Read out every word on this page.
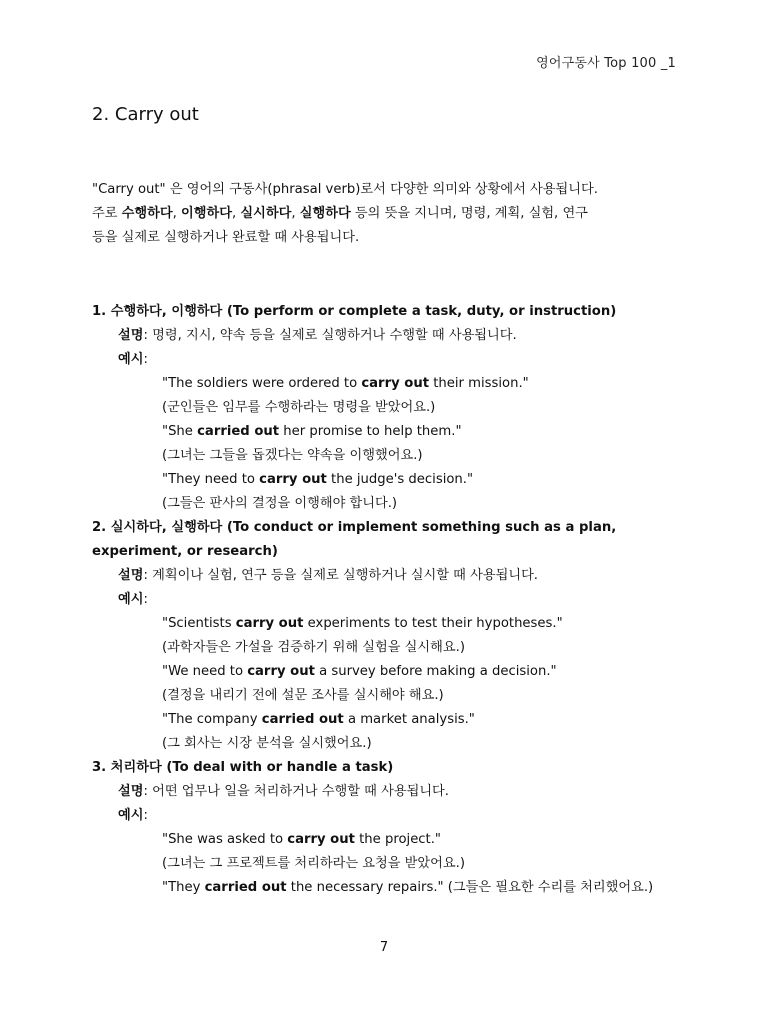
영어구동사 Top 100 _1
2. Carry out
"Carry out" 은 영어의 구동사(phrasal verb)로서 다양한 의미와 상황에서 사용됩니다.
주로 수행하다, 이행하다, 실시하다, 실행하다 등의 뜻을 지니며, 명령, 계획, 실험, 연구
등을 실제로 실행하거나 완료할 때 사용됩니다.
1. 수행하다, 이행하다 (To perform or complete a task, duty, or instruction)
설명: 명령, 지시, 약속 등을 실제로 실행하거나 수행할 때 사용됩니다.
예시:
"The soldiers were ordered to carry out their mission."
(군인들은 임무를 수행하라는 명령을 받았어요.)
"She carried out her promise to help them."
(그녀는 그들을 돕겠다는 약속을 이행했어요.)
"They need to carry out the judge's decision."
(그들은 판사의 결정을 이행해야 합니다.)
2. 실시하다, 실행하다 (To conduct or implement something such as a plan,
experiment, or research)
설명: 계획이나 실험, 연구 등을 실제로 실행하거나 실시할 때 사용됩니다.
예시:
"Scientists carry out experiments to test their hypotheses."
(과학자들은 가설을 검증하기 위해 실험을 실시해요.)
"We need to carry out a survey before making a decision."
(결정을 내리기 전에 설문 조사를 실시해야 해요.)
"The company carried out a market analysis."
(그 회사는 시장 분석을 실시했어요.)
3. 처리하다 (To deal with or handle a task)
설명: 어떤 업무나 일을 처리하거나 수행할 때 사용됩니다.
예시:
"She was asked to carry out the project."
(그녀는 그 프로젝트를 처리하라는 요청을 받았어요.)
"They carried out the necessary repairs." (그들은 필요한 수리를 처리했어요.)
7
